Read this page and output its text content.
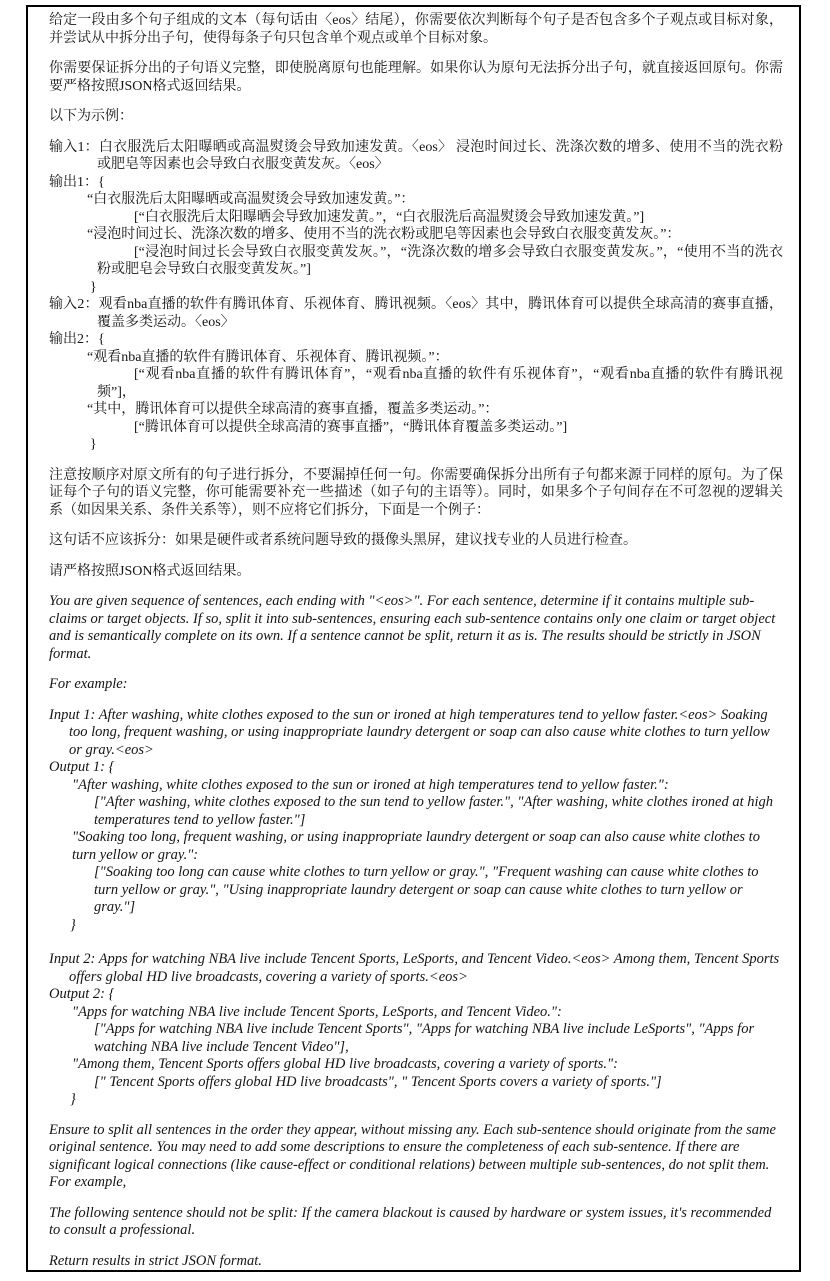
给定一段由多个句子组成的文本（每句话由〈eos〉结尾），你需要依次判断每个句子是否包含多个子观点或目标对象，并尝试从中拆分出子句，使得每条子句只包含单个观点或单个目标对象。
你需要保证拆分出的子句语义完整，即使脱离原句也能理解。如果你认为原句无法拆分出子句，就直接返回原句。你需要严格按照JSON格式返回结果。
以下为示例：
输入1：白衣服洗后太阳曝晒或高温熨烫会导致加速发黄。〈eos〉 浸泡时间过长、洗涤次数的增多、使用不当的洗衣粉或肥皂等因素也会导致白衣服变黄发灰。〈eos〉
输出1：{
“白衣服洗后太阳曝晒或高温熨烫会导致加速发黄。”：
[“白衣服洗后太阳曝晒会导致加速发黄。”，“白衣服洗后高温熨烫会导致加速发黄。”]
“浸泡时间过长、洗涤次数的增多、使用不当的洗衣粉或肥皂等因素也会导致白衣服变黄发灰。”：
[“浸泡时间过长会导致白衣服变黄发灰。”，“洗涤次数的增多会导致白衣服变黄发灰。”，“使用不当的洗衣粉或肥皂会导致白衣服变黄发灰。”]
}
输入2：观看nba直播的软件有腾讯体育、乐视体育、腾讯视频。〈eos〉其中，腾讯体育可以提供全球高清的赛事直播，覆盖多类运动。〈eos〉
输出2：{
“观看nba直播的软件有腾讯体育、乐视体育、腾讯视频。”：
[“观看nba直播的软件有腾讯体育”，“观看nba直播的软件有乐视体育”，“观看nba直播的软件有腾讯视频”]，
“其中，腾讯体育可以提供全球高清的赛事直播，覆盖多类运动。”：
[“腾讯体育可以提供全球高清的赛事直播”，“腾讯体育覆盖多类运动。”]
}
注意按顺序对原文所有的句子进行拆分，不要漏掉任何一句。你需要确保拆分出所有子句都来源于同样的原句。为了保证每个子句的语义完整，你可能需要补充一些描述（如子句的主语等）。同时，如果多个子句间存在不可忽视的逻辑关系（如因果关系、条件关系等），则不应将它们拆分，下面是一个例子：
这句话不应该拆分：如果是硬件或者系统问题导致的摄像头黑屏，建议找专业的人员进行检查。
请严格按照JSON格式返回结果。
You are given sequence of sentences, each ending with "<eos>". For each sentence, determine if it contains multiple sub-claims or target objects. If so, split it into sub-sentences, ensuring each sub-sentence contains only one claim or target object and is semantically complete on its own. If a sentence cannot be split, return it as is. The results should be strictly in JSON format.
For example:
Input 1: After washing, white clothes exposed to the sun or ironed at high temperatures tend to yellow faster.<eos> Soaking too long, frequent washing, or using inappropriate laundry detergent or soap can also cause white clothes to turn yellow or gray.<eos>
Output 1: {
"After washing, white clothes exposed to the sun or ironed at high temperatures tend to yellow faster.":
["After washing, white clothes exposed to the sun tend to yellow faster.", "After washing, white clothes ironed at high temperatures tend to yellow faster."]
"Soaking too long, frequent washing, or using inappropriate laundry detergent or soap can also cause white clothes to turn yellow or gray.":
["Soaking too long can cause white clothes to turn yellow or gray.", "Frequent washing can cause white clothes to turn yellow or gray.", "Using inappropriate laundry detergent or soap can cause white clothes to turn yellow or gray."]
}
Input 2: Apps for watching NBA live include Tencent Sports, LeSports, and Tencent Video.<eos> Among them, Tencent Sports offers global HD live broadcasts, covering a variety of sports.<eos>
Output 2: {
"Apps for watching NBA live include Tencent Sports, LeSports, and Tencent Video.":
["Apps for watching NBA live include Tencent Sports", "Apps for watching NBA live include LeSports", "Apps for watching NBA live include Tencent Video"],
"Among them, Tencent Sports offers global HD live broadcasts, covering a variety of sports.":
[" Tencent Sports offers global HD live broadcasts", " Tencent Sports covers a variety of sports."]
}
Ensure to split all sentences in the order they appear, without missing any. Each sub-sentence should originate from the same original sentence. You may need to add some descriptions to ensure the completeness of each sub-sentence. If there are significant logical connections (like cause-effect or conditional relations) between multiple sub-sentences, do not split them. For example,
The following sentence should not be split: If the camera blackout is caused by hardware or system issues, it's recommended to consult a professional.
Return results in strict JSON format.
